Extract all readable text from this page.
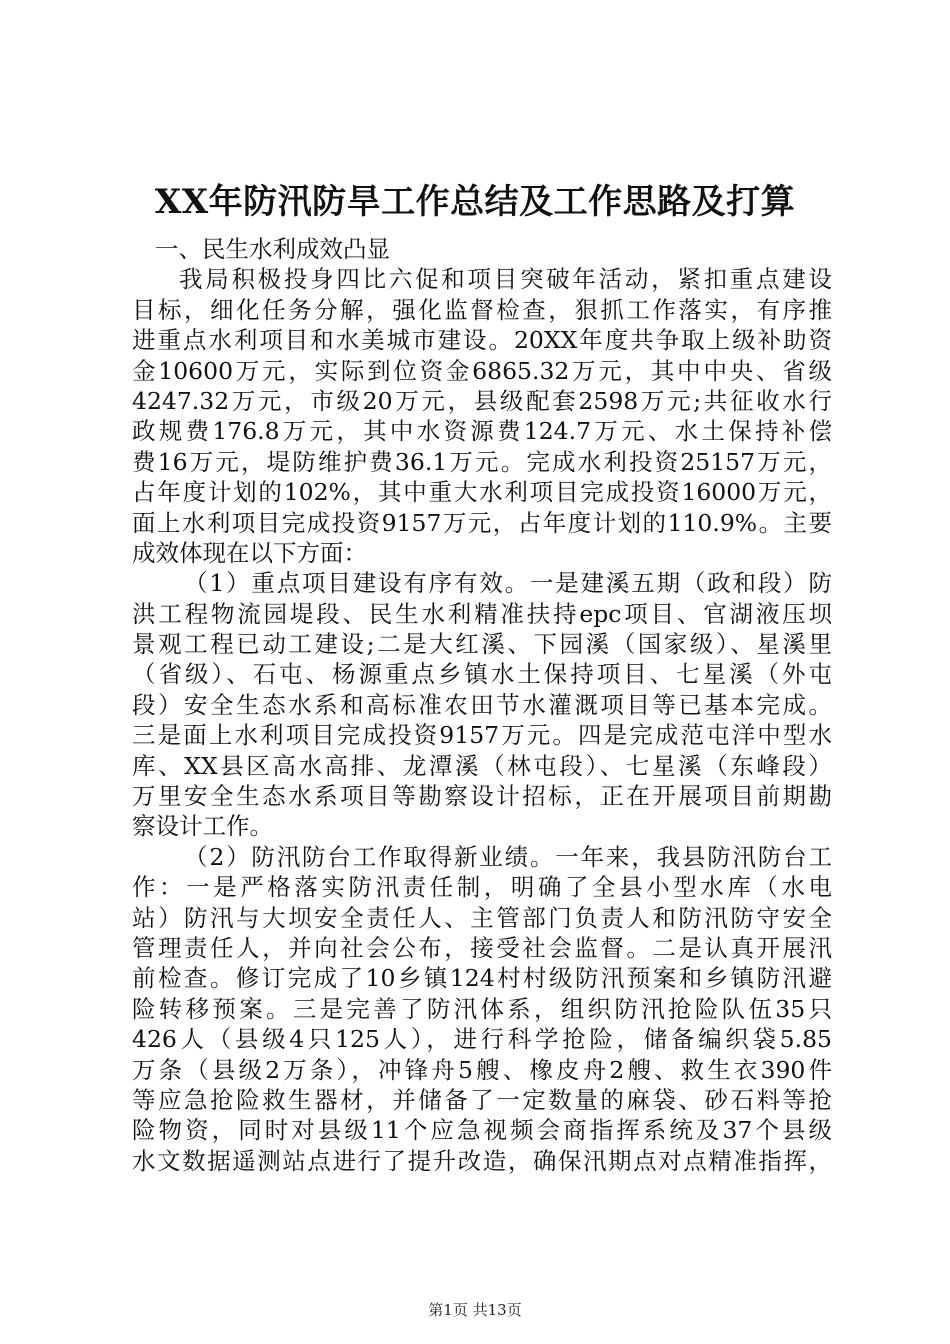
XX年防汛防旱工作总结及工作思路及打算
一、民生水利成效凸显
我局积极投身四比六促和项目突破年活动，紧扣重点建设
目标，细化任务分解，强化监督检查，狠抓工作落实，有序推
进重点水利项目和水美城市建设。20XX年度共争取上级补助资
金10600万元，实际到位资金6865.32万元，其中中央、省级
4247.32万元，市级20万元，县级配套2598万元;共征收水行
政规费176.8万元，其中水资源费124.7万元、水土保持补偿
费16万元，堤防维护费36.1万元。完成水利投资25157万元，
占年度计划的102%，其中重大水利项目完成投资16000万元，
面上水利项目完成投资9157万元，占年度计划的110.9%。主要
成效体现在以下方面：
（1）重点项目建设有序有效。一是建溪五期（政和段）防
洪工程物流园堤段、民生水利精准扶持epc项目、官湖液压坝
景观工程已动工建设;二是大红溪、下园溪（国家级）、星溪里
（省级）、石屯、杨源重点乡镇水土保持项目、七星溪（外屯
段）安全生态水系和高标准农田节水灌溉项目等已基本完成。
三是面上水利项目完成投资9157万元。四是完成范屯洋中型水
库、XX县区高水高排、龙潭溪（林屯段）、七星溪（东峰段）
万里安全生态水系项目等勘察设计招标，正在开展项目前期勘
察设计工作。
（2）防汛防台工作取得新业绩。一年来，我县防汛防台工
作：一是严格落实防汛责任制，明确了全县小型水库（水电
站）防汛与大坝安全责任人、主管部门负责人和防汛防守安全
管理责任人，并向社会公布，接受社会监督。二是认真开展汛
前检查。修订完成了10乡镇124村村级防汛预案和乡镇防汛避
险转移预案。三是完善了防汛体系，组织防汛抢险队伍35只
426人（县级4只125人），进行科学抢险，储备编织袋5.85
万条（县级2万条），冲锋舟5艘、橡皮舟2艘、救生衣390件
等应急抢险救生器材，并储备了一定数量的麻袋、砂石料等抢
险物资，同时对县级11个应急视频会商指挥系统及37个县级
水文数据遥测站点进行了提升改造，确保汛期点对点精准指挥，
第1页 共13页
